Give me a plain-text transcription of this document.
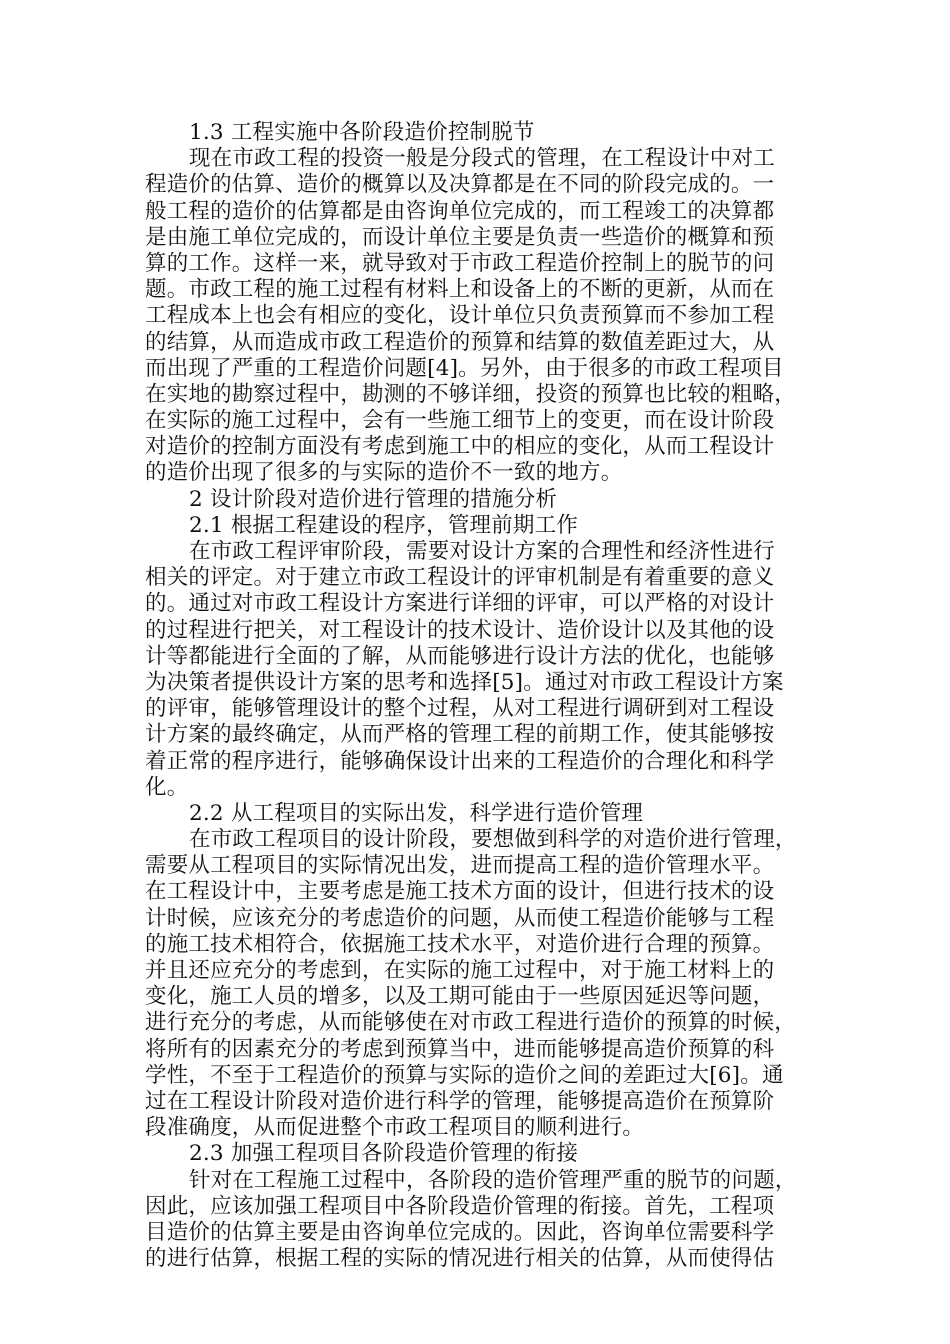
1.3 工程实施中各阶段造价控制脱节
现在市政工程的投资一般是分段式的管理，在工程设计中对工
程造价的估算、造价的概算以及决算都是在不同的阶段完成的。一
般工程的造价的估算都是由咨询单位完成的，而工程竣工的决算都
是由施工单位完成的，而设计单位主要是负责一些造价的概算和预
算的工作。这样一来，就导致对于市政工程造价控制上的脱节的问
题。市政工程的施工过程有材料上和设备上的不断的更新，从而在
工程成本上也会有相应的变化，设计单位只负责预算而不参加工程
的结算，从而造成市政工程造价的预算和结算的数值差距过大，从
而出现了严重的工程造价问题[4]。另外，由于很多的市政工程项目
在实地的勘察过程中，勘测的不够详细，投资的预算也比较的粗略，
在实际的施工过程中，会有一些施工细节上的变更，而在设计阶段
对造价的控制方面没有考虑到施工中的相应的变化，从而工程设计
的造价出现了很多的与实际的造价不一致的地方。
2 设计阶段对造价进行管理的措施分析
2.1 根据工程建设的程序，管理前期工作
在市政工程评审阶段，需要对设计方案的合理性和经济性进行
相关的评定。对于建立市政工程设计的评审机制是有着重要的意义
的。通过对市政工程设计方案进行详细的评审，可以严格的对设计
的过程进行把关，对工程设计的技术设计、造价设计以及其他的设
计等都能进行全面的了解，从而能够进行设计方法的优化，也能够
为决策者提供设计方案的思考和选择[5]。通过对市政工程设计方案
的评审，能够管理设计的整个过程，从对工程进行调研到对工程设
计方案的最终确定，从而严格的管理工程的前期工作，使其能够按
着正常的程序进行，能够确保设计出来的工程造价的合理化和科学
化。
2.2 从工程项目的实际出发，科学进行造价管理
在市政工程项目的设计阶段，要想做到科学的对造价进行管理，
需要从工程项目的实际情况出发，进而提高工程的造价管理水平。
在工程设计中，主要考虑是施工技术方面的设计，但进行技术的设
计时候，应该充分的考虑造价的问题，从而使工程造价能够与工程
的施工技术相符合，依据施工技术水平，对造价进行合理的预算。
并且还应充分的考虑到，在实际的施工过程中，对于施工材料上的
变化，施工人员的增多，以及工期可能由于一些原因延迟等问题，
进行充分的考虑，从而能够使在对市政工程进行造价的预算的时候，
将所有的因素充分的考虑到预算当中，进而能够提高造价预算的科
学性，不至于工程造价的预算与实际的造价之间的差距过大[6]。通
过在工程设计阶段对造价进行科学的管理，能够提高造价在预算阶
段准确度，从而促进整个市政工程项目的顺利进行。
2.3 加强工程项目各阶段造价管理的衔接
针对在工程施工过程中，各阶段的造价管理严重的脱节的问题，
因此，应该加强工程项目中各阶段造价管理的衔接。首先，工程项
目造价的估算主要是由咨询单位完成的。因此，咨询单位需要科学
的进行估算，根据工程的实际的情况进行相关的估算，从而使得估
